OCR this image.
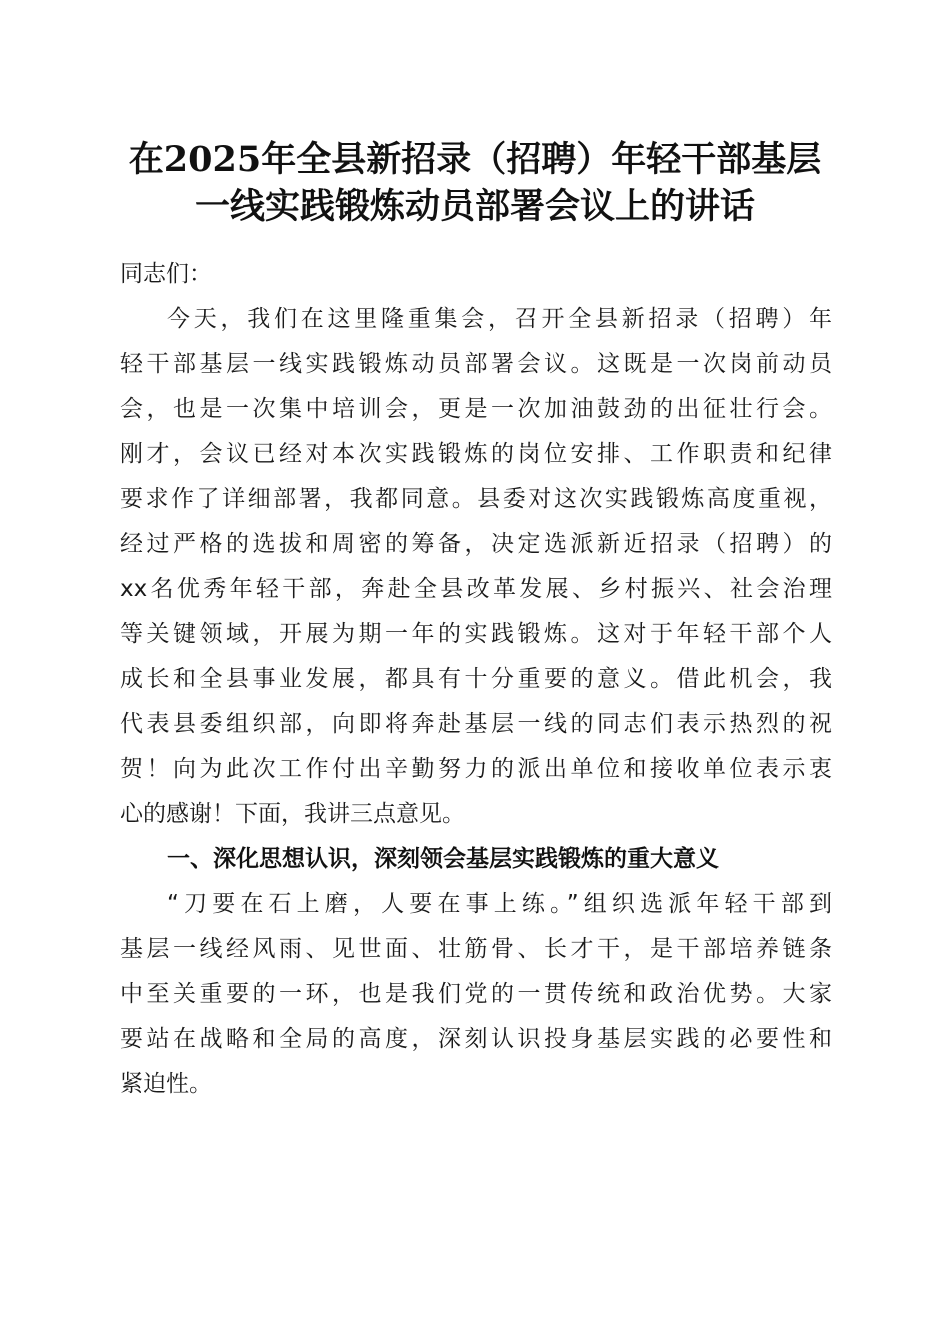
在2025年全县新招录（招聘）年轻干部基层
一线实践锻炼动员部署会议上的讲话
同志们：
今天，我们在这里隆重集会，召开全县新招录（招聘）年
轻干部基层一线实践锻炼动员部署会议。这既是一次岗前动员
会，也是一次集中培训会，更是一次加油鼓劲的出征壮行会。
刚才，会议已经对本次实践锻炼的岗位安排、工作职责和纪律
要求作了详细部署，我都同意。县委对这次实践锻炼高度重视，
经过严格的选拔和周密的筹备，决定选派新近招录（招聘）的
xx名优秀年轻干部，奔赴全县改革发展、乡村振兴、社会治理
等关键领域，开展为期一年的实践锻炼。这对于年轻干部个人
成长和全县事业发展，都具有十分重要的意义。借此机会，我
代表县委组织部，向即将奔赴基层一线的同志们表示热烈的祝
贺！向为此次工作付出辛勤努力的派出单位和接收单位表示衷
心的感谢！下面，我讲三点意见。
一、深化思想认识，深刻领会基层实践锻炼的重大意义
“刀要在石上磨，人要在事上练。”组织选派年轻干部到
基层一线经风雨、见世面、壮筋骨、长才干，是干部培养链条
中至关重要的一环，也是我们党的一贯传统和政治优势。大家
要站在战略和全局的高度，深刻认识投身基层实践的必要性和
紧迫性。
